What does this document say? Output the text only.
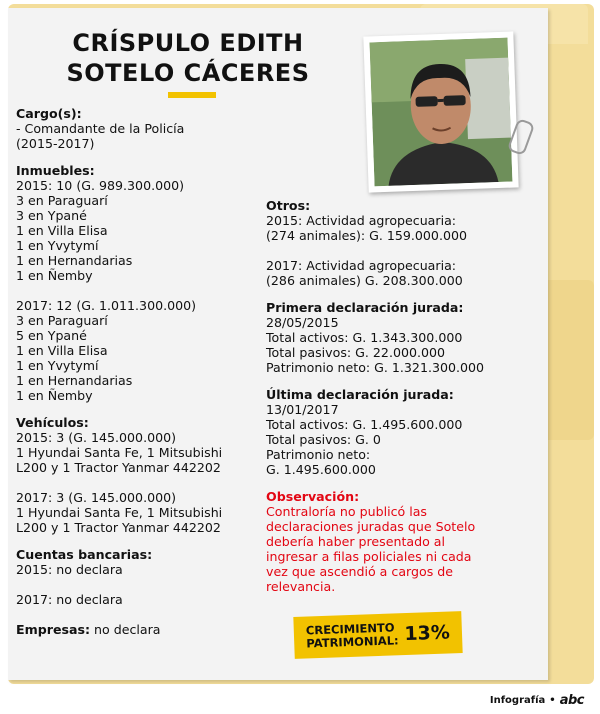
CRÍSPULO EDITH
SOTELO CÁCERES

Cargo(s):

- Comandante de la Policía

(2015-2017)

Inmuebles:

2015: 10 (G. 989.300.000)

3 en Paraguarí

3 en Ypané

1 en Villa Elisa

1 en Yvytymí

1 en Hernandarias

1 en Ñemby

2017: 12 (G. 1.011.300.000)

3 en Paraguarí

5 en Ypané

1 en Villa Elisa

1 en Yvytymí

1 en Hernandarias

1 en Ñemby

Vehículos:

2015: 3 (G. 145.000.000)

1 Hyundai Santa Fe, 1 Mitsubishi

L200 y 1 Tractor Yanmar 442202

2017: 3 (G. 145.000.000)

1 Hyundai Santa Fe, 1 Mitsubishi

L200 y 1 Tractor Yanmar 442202

Cuentas bancarias:

2015: no declara

2017: no declara

Empresas: no declara

Otros:

2015: Actividad agropecuaria:

(274 animales): G. 159.000.000

2017: Actividad agropecuaria:

(286 animales) G. 208.300.000

Primera declaración jurada:

28/05/2015

Total activos: G. 1.343.300.000

Total pasivos: G. 22.000.000

Patrimonio neto: G. 1.321.300.000

Última declaración jurada:

13/01/2017

Total activos: G. 1.495.600.000

Total pasivos: G. 0

Patrimonio neto:

G. 1.495.600.000

Observación:

Contraloría no publicó las

declaraciones juradas que Sotelo

debería haber presentado al

ingresar a filas policiales ni cada

vez que ascendió a cargos de

relevancia.

CRECIMIENTO
PATRIMONIAL: 13%
Infografía • abc
